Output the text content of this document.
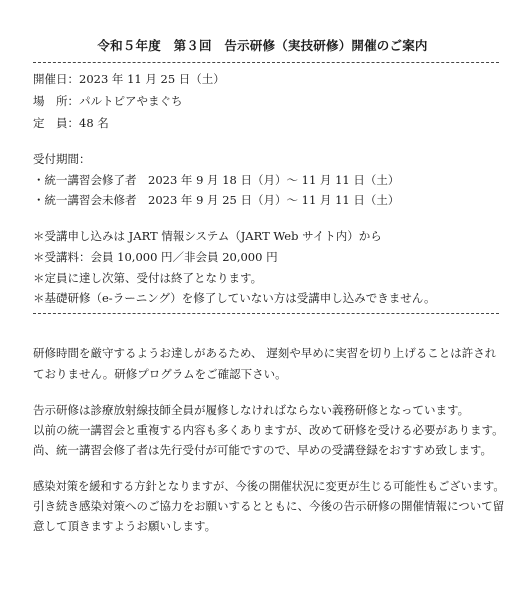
令和５年度　第３回　告示研修（実技研修）開催のご案内
開催日：2023 年 11 月 25 日（土）
場　所：パルトピアやまぐち
定　員：48 名
受付期間：
・統一講習会修了者　2023 年 9 月 18 日（月）～ 11 月 11 日（土）
・統一講習会未修者　2023 年 9 月 25 日（月）～ 11 月 11 日（土）
＊受講申し込みは JART 情報システム（JART Web サイト内）から
＊受講料：会員 10,000 円／非会員 20,000 円
＊定員に達し次第、受付は終了となります。
＊基礎研修（e-ラーニング）を修了していない方は受講申し込みできません。
研修時間を厳守するようお達しがあるため、 遅刻や早めに実習を切り上げることは許され
ておりません。研修プログラムをご確認下さい。
告示研修は診療放射線技師全員が履修しなければならない義務研修となっています。
以前の統一講習会と重複する内容も多くありますが、改めて研修を受ける必要があります。
尚、統一講習会修了者は先行受付が可能ですので、早めの受講登録をおすすめ致します。
感染対策を緩和する方針となりますが、今後の開催状況に変更が生じる可能性もございます。
引き続き感染対策へのご協力をお願いするとともに、今後の告示研修の開催情報について留
意して頂きますようお願いします。
